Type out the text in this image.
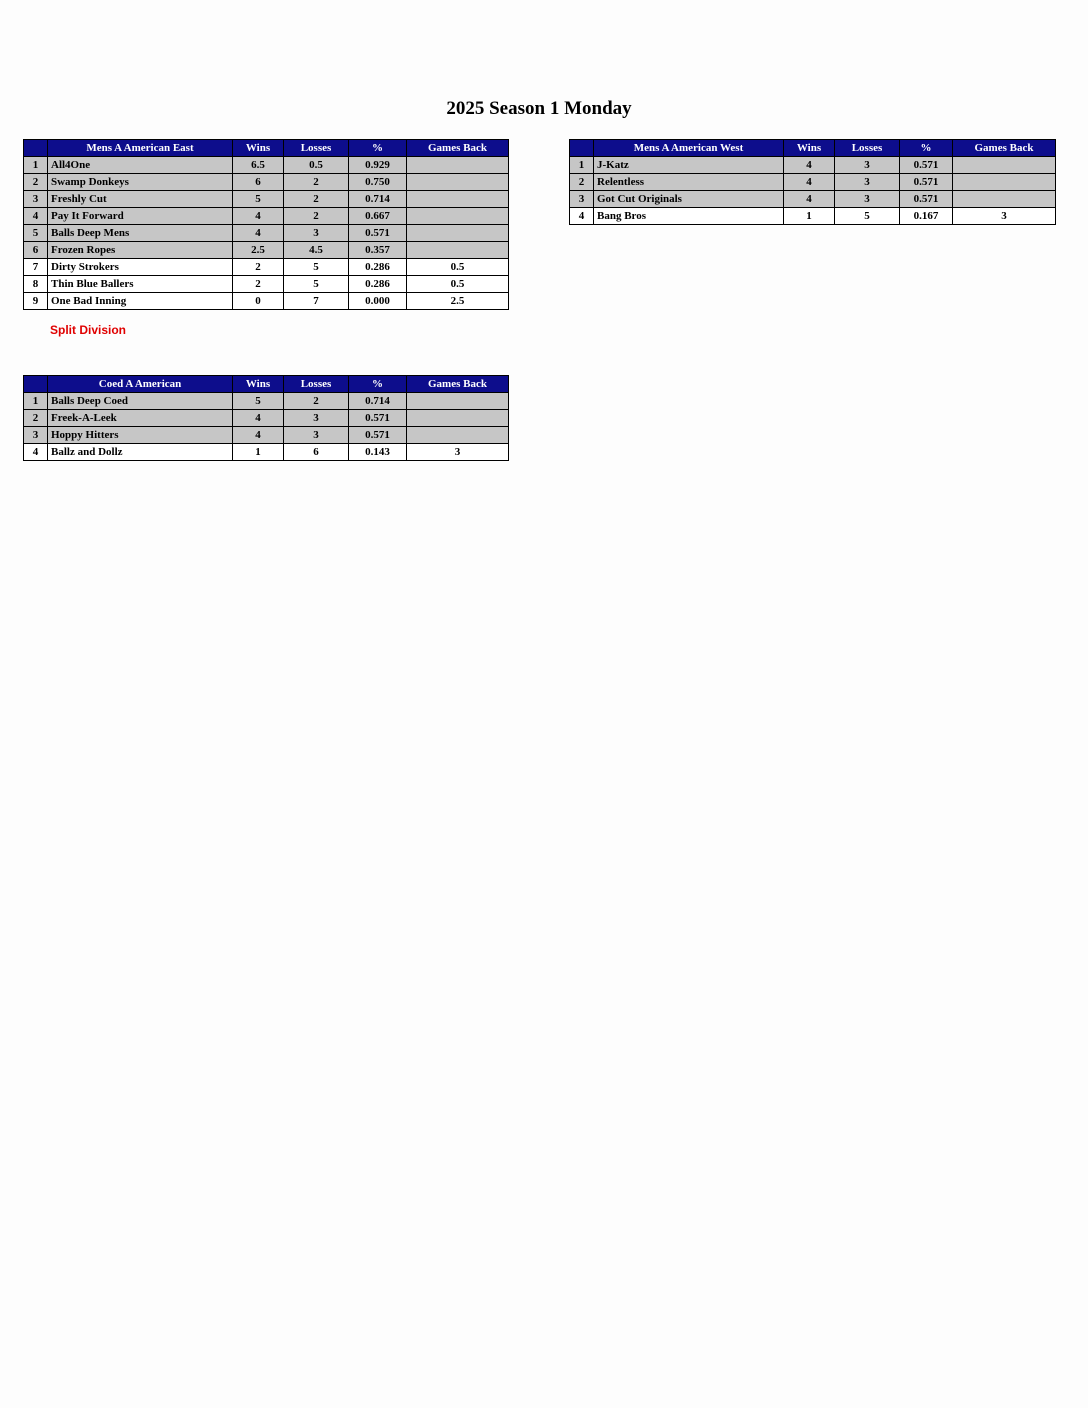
2025 Season 1 Monday
	Mens A American East	Wins	Losses	%	Games Back
1	All4One	6.5	0.5	0.929	
2	Swamp Donkeys	6	2	0.750	
3	Freshly Cut	5	2	0.714	
4	Pay It Forward	4	2	0.667	
5	Balls Deep Mens	4	3	0.571	
6	Frozen Ropes	2.5	4.5	0.357	
7	Dirty Strokers	2	5	0.286	0.5
8	Thin Blue Ballers	2	5	0.286	0.5
9	One Bad Inning	0	7	0.000	2.5
Split Division
	Mens A American West	Wins	Losses	%	Games Back
1	J-Katz	4	3	0.571	
2	Relentless	4	3	0.571	
3	Got Cut Originals	4	3	0.571	
4	Bang Bros	1	5	0.167	3
	Coed A American	Wins	Losses	%	Games Back
1	Balls Deep Coed	5	2	0.714	
2	Freek-A-Leek	4	3	0.571	
3	Hoppy Hitters	4	3	0.571	
4	Ballz and Dollz	1	6	0.143	3
